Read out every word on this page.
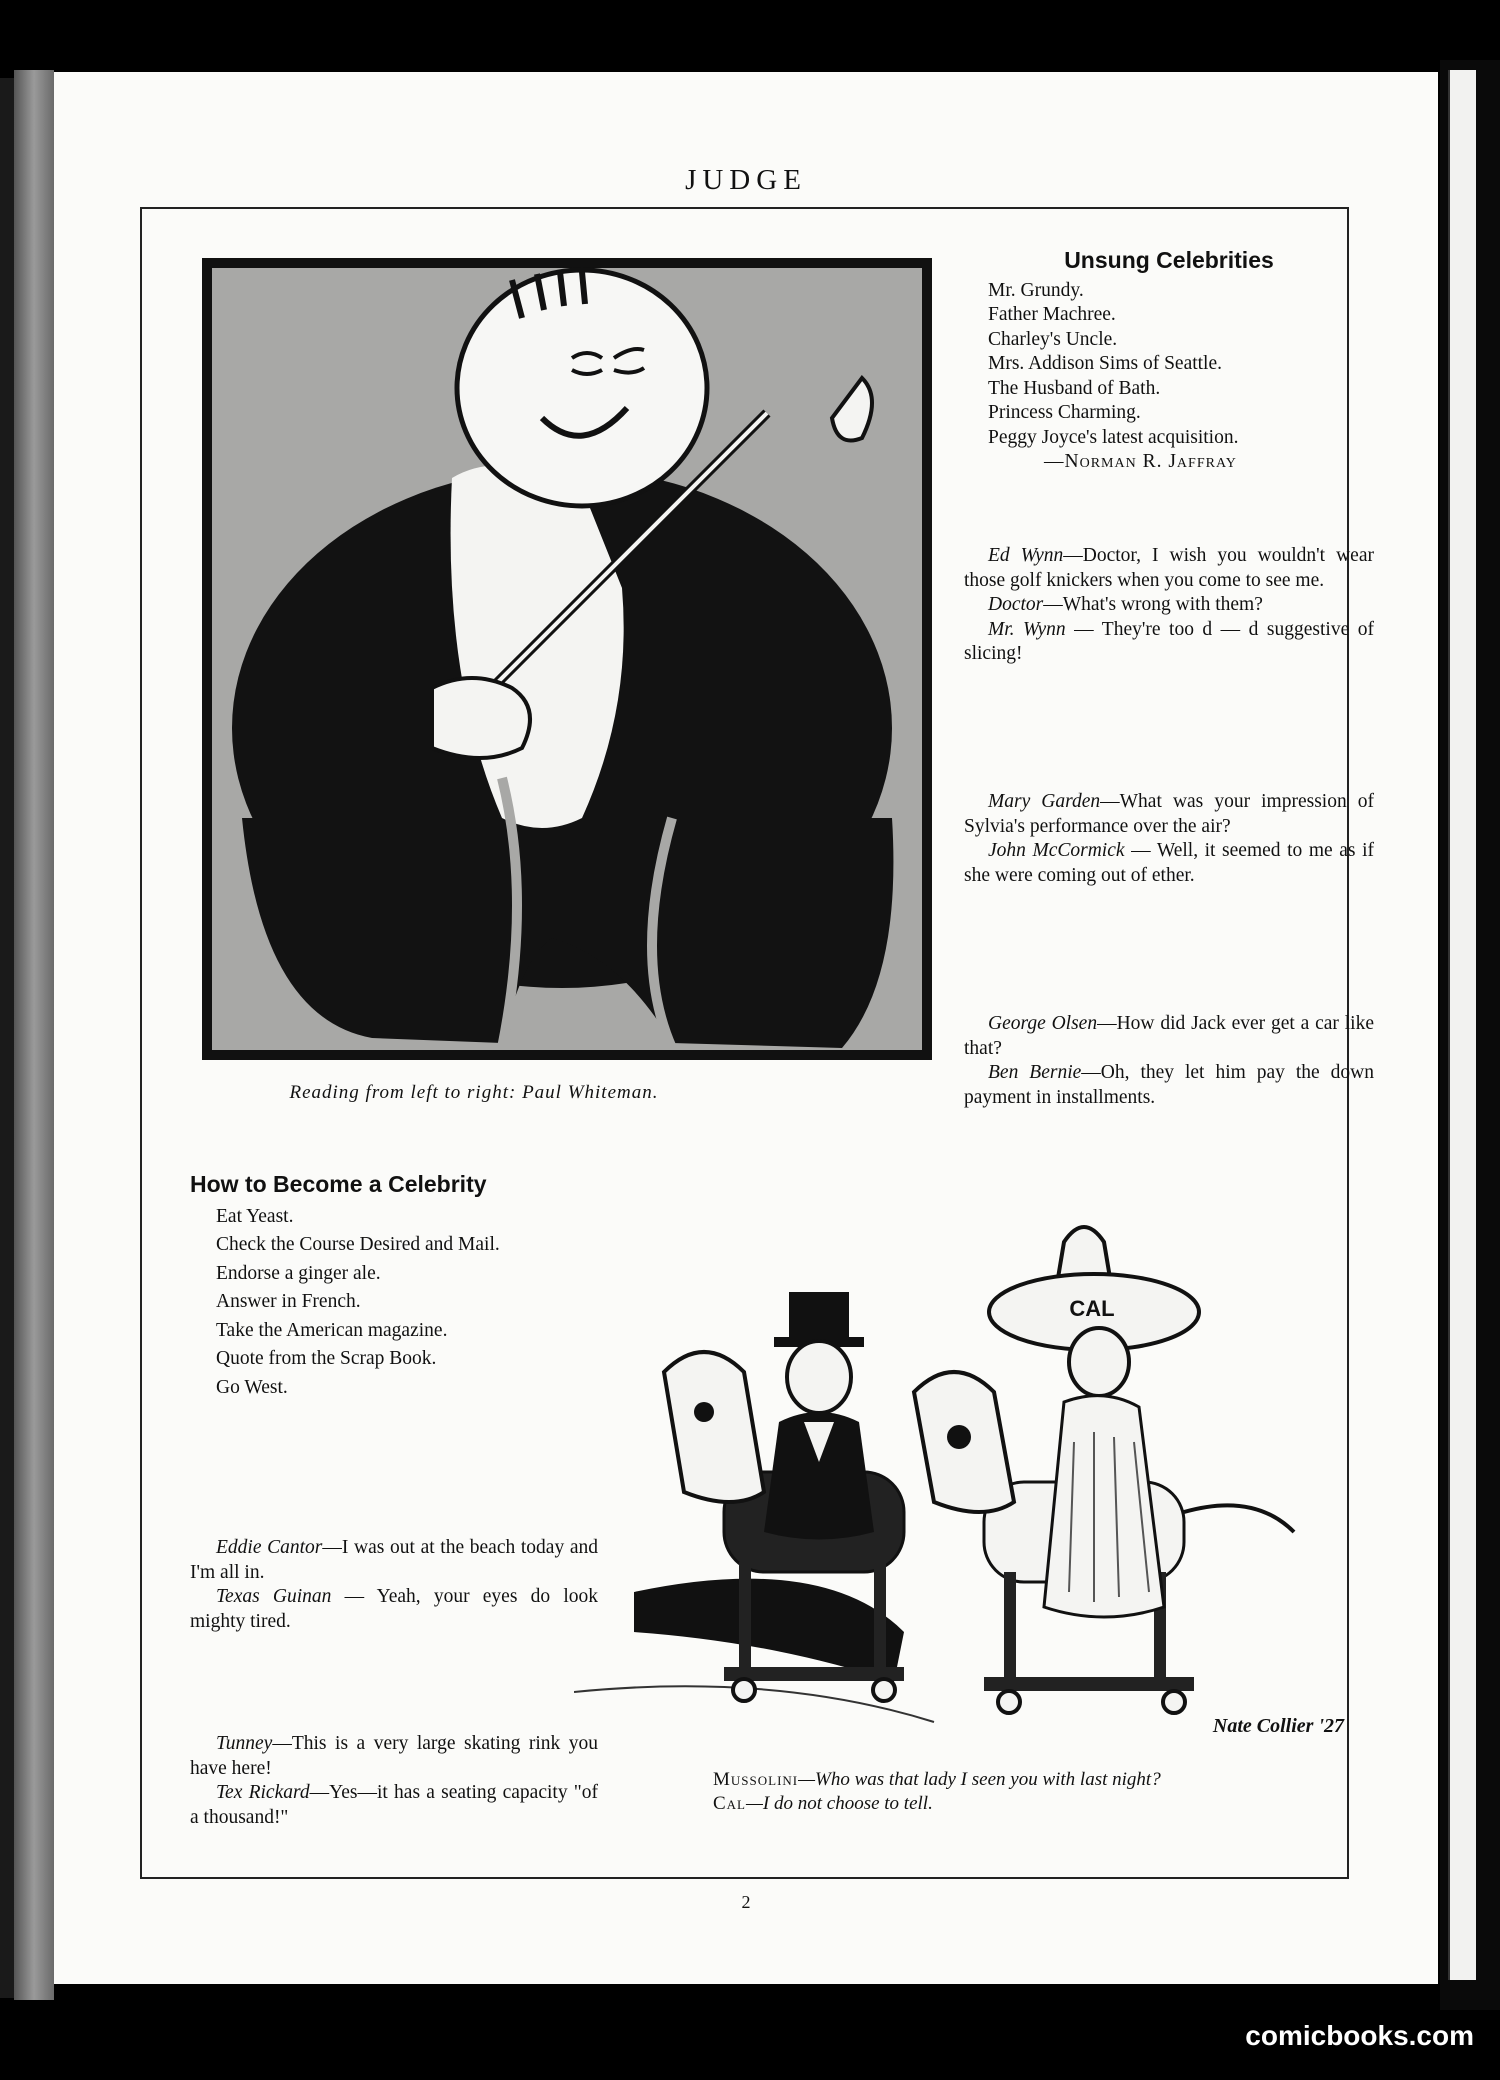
JUDGE
Reading from left to right: Paul Whiteman.
Unsung Celebrities

Mr. Grundy.

Father Machree.

Charley's Uncle.

Mrs. Addison Sims of Seattle.

The Husband of Bath.

Princess Charming.

Peggy Joyce's latest acquisition.

—Norman R. Jaffray

Ed Wynn—Doctor, I wish you wouldn't wear those golf knickers when you come to see me.

Doctor—What's wrong with them?

Mr. Wynn — They're too d — d suggestive of slicing!

Mary Garden—What was your impression of Sylvia's performance over the air?

John McCormick — Well, it seemed to me as if she were coming out of ether.

George Olsen—How did Jack ever get a car like that?

Ben Bernie—Oh, they let him pay the down payment in installments.

How to Become a Celebrity

Eat Yeast.

Check the Course Desired and Mail.

Endorse a ginger ale.

Answer in French.

Take the American magazine.

Quote from the Scrap Book.

Go West.

Eddie Cantor—I was out at the beach today and I'm all in.

Texas Guinan — Yeah, your eyes do look mighty tired.

Tunney—This is a very large skating rink you have here!

Tex Rickard—Yes—it has a seating capacity "of a thousand!"

CAL
Nate Collier '27

Mussolini—Who was that lady I seen you with last night?

Cal—I do not choose to tell.

2
comicbooks.com
